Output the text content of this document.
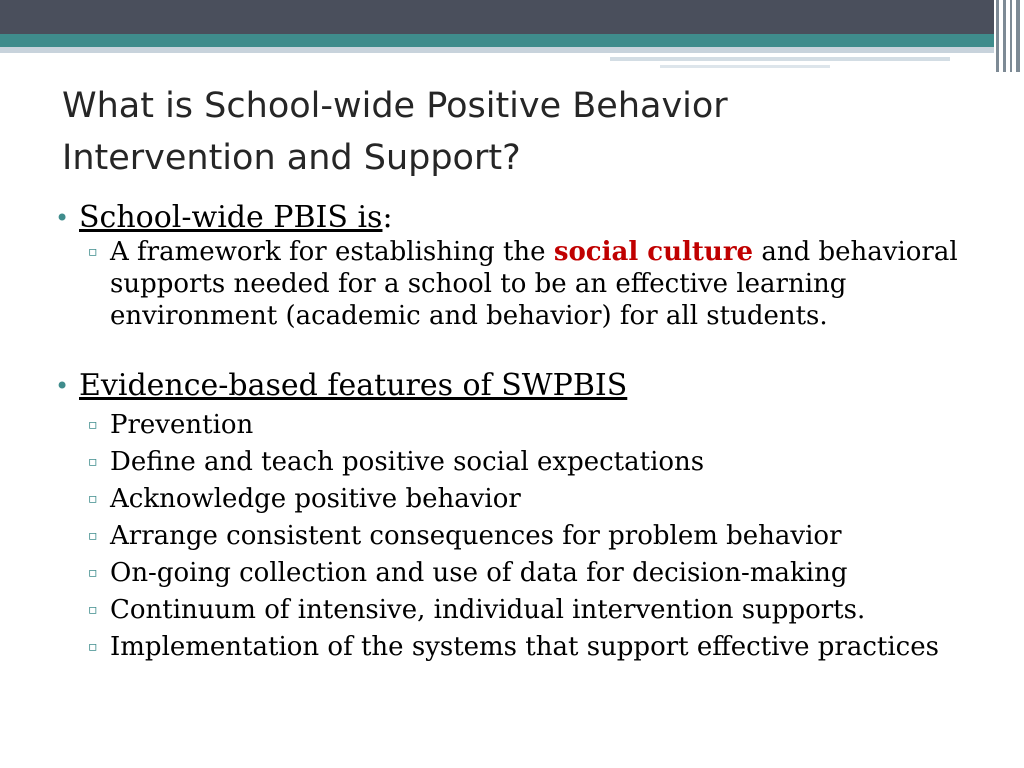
What is School-wide Positive Behavior
Intervention and Support?
• School-wide PBIS is:
▫
A framework for establishing the social culture and behavioral supports needed for a school to be an effective learning environment (academic and behavior) for all students.
• Evidence-based features of SWPBIS
▫
Prevention
▫
Define and teach positive social expectations
▫
Acknowledge positive behavior
▫
Arrange consistent consequences for problem behavior
▫
On-going collection and use of data for decision-making
▫
Continuum of intensive, individual intervention supports.
▫
Implementation of the systems that support effective practices
